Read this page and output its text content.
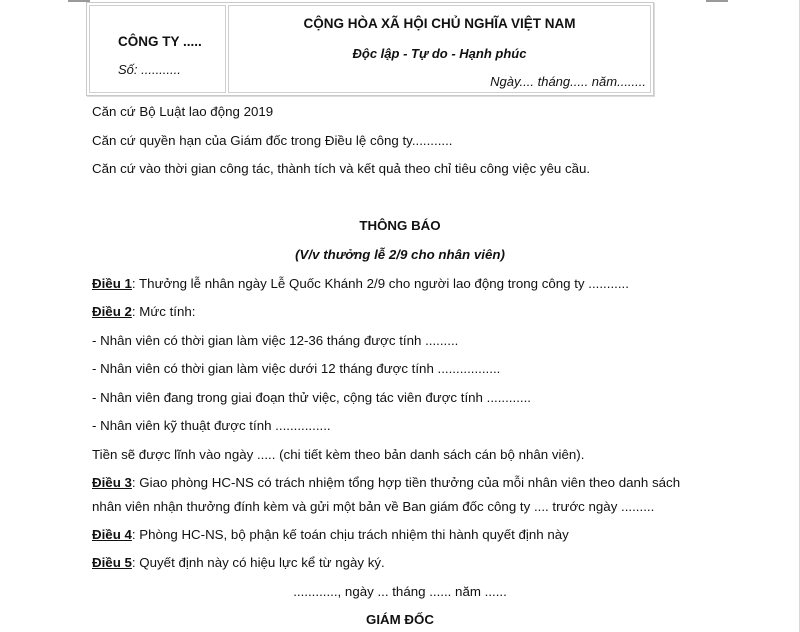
CÔNG TY .....
Số: ...........
CỘNG HÒA XÃ HỘI CHỦ NGHĨA VIỆT NAM
Độc lập - Tự do - Hạnh phúc
Ngày.... tháng..... năm........
Căn cứ Bộ Luật lao động 2019
Căn cứ quyền hạn của Giám đốc trong Điều lệ công ty...........
Căn cứ vào thời gian công tác, thành tích và kết quả theo chỉ tiêu công việc yêu cầu.
THÔNG BÁO
(V/v thưởng lễ 2/9 cho nhân viên)
Điều 1: Thưởng lễ nhân ngày Lễ Quốc Khánh 2/9 cho người lao động trong công ty ...........
Điều 2: Mức tính:
- Nhân viên có thời gian làm việc 12-36 tháng được tính .........
- Nhân viên có thời gian làm việc dưới 12 tháng được tính .................
- Nhân viên đang trong giai đoạn thử việc, cộng tác viên được tính ............
- Nhân viên kỹ thuật được tính ...............
Tiền sẽ được lĩnh vào ngày ..... (chi tiết kèm theo bản danh sách cán bộ nhân viên).
Điều 3: Giao phòng HC-NS có trách nhiệm tổng hợp tiền thưởng của mỗi nhân viên theo danh sách
nhân viên nhận thưởng đính kèm và gửi một bản về Ban giám đốc công ty .... trước ngày .........
Điều 4: Phòng HC-NS, bộ phận kế toán chịu trách nhiệm thi hành quyết định này
Điều 5: Quyết định này có hiệu lực kể từ ngày ký.
............, ngày ... tháng ...... năm ......
GIÁM ĐỐC
